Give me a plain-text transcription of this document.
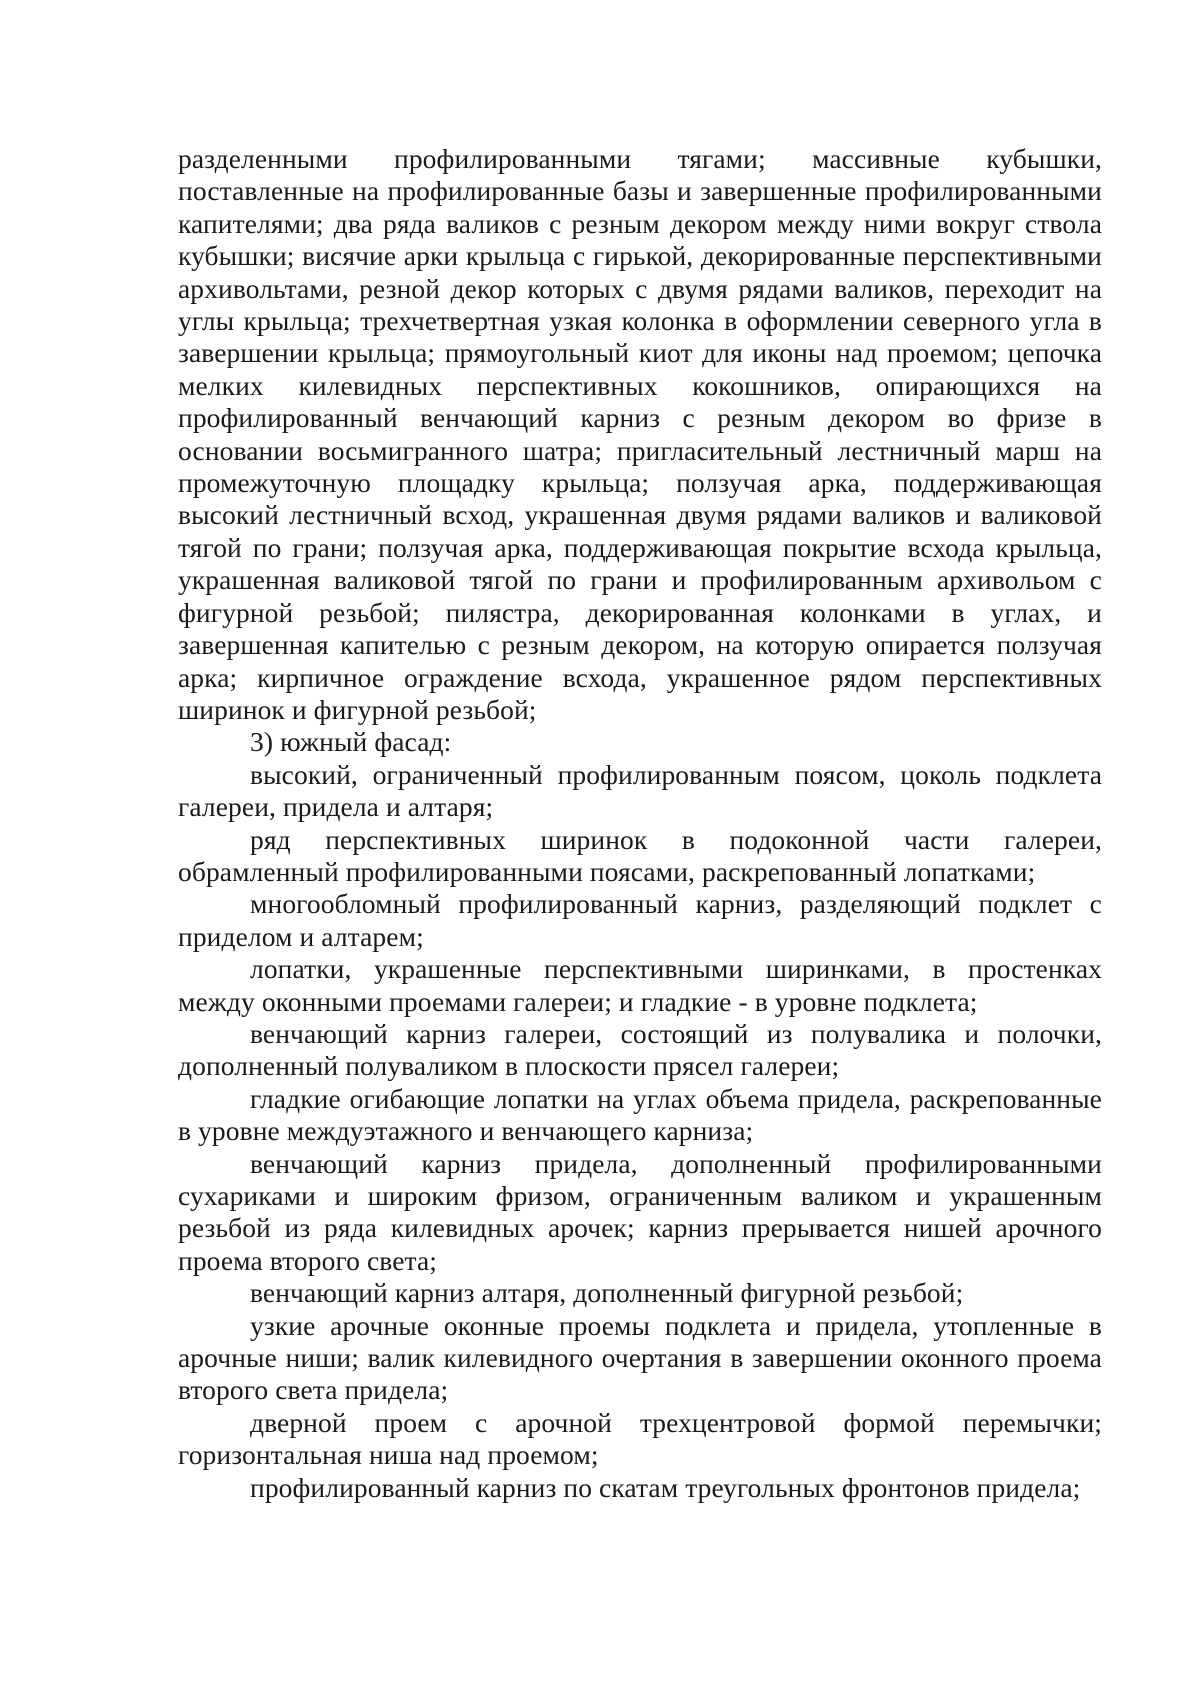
разделенными профилированными тягами; массивные кубышки, поставленные на профилированные базы и завершенные профилированными капителями; два ряда валиков с резным декором между ними вокруг ствола кубышки; висячие арки крыльца с гирькой, декорированные перспективными архивольтами, резной декор которых с двумя рядами валиков, переходит на углы крыльца; трехчетвертная узкая колонка в оформлении северного угла в завершении крыльца; прямоугольный киот для иконы над проемом; цепочка мелких килевидных перспективных кокошников, опирающихся на профилированный венчающий карниз с резным декором во фризе в основании восьмигранного шатра; пригласительный лестничный марш на промежуточную площадку крыльца; ползучая арка, поддерживающая высокий лестничный всход, украшенная двумя рядами валиков и валиковой тягой по грани; ползучая арка, поддерживающая покрытие всхода крыльца, украшенная валиковой тягой по грани и профилированным архивольом с фигурной резьбой; пилястра, декорированная колонками в углах, и завершенная капителью с резным декором, на которую опирается ползучая арка; кирпичное ограждение всхода, украшенное рядом перспективных ширинок и фигурной резьбой;

3) южный фасад:

высокий, ограниченный профилированным поясом, цоколь подклета галереи, придела и алтаря;

ряд перспективных ширинок в подоконной части галереи, обрамленный профилированными поясами, раскрепованный лопатками;

многообломный профилированный карниз, разделяющий подклет с приделом и алтарем;

лопатки, украшенные перспективными ширинками, в простенках между оконными проемами галереи; и гладкие - в уровне подклета;

венчающий карниз галереи, состоящий из полувалика и полочки, дополненный полуваликом в плоскости прясел галереи;

гладкие огибающие лопатки на углах объема придела, раскрепованные в уровне междуэтажного и венчающего карниза;

венчающий карниз придела, дополненный профилированными сухариками и широким фризом, ограниченным валиком и украшенным резьбой из ряда килевидных арочек; карниз прерывается нишей арочного проема второго света;

венчающий карниз алтаря, дополненный фигурной резьбой;

узкие арочные оконные проемы подклета и придела, утопленные в арочные ниши; валик килевидного очертания в завершении оконного проема второго света придела;

дверной проем с арочной трехцентровой формой перемычки; горизонтальная ниша над проемом;

профилированный карниз по скатам треугольных фронтонов придела;
